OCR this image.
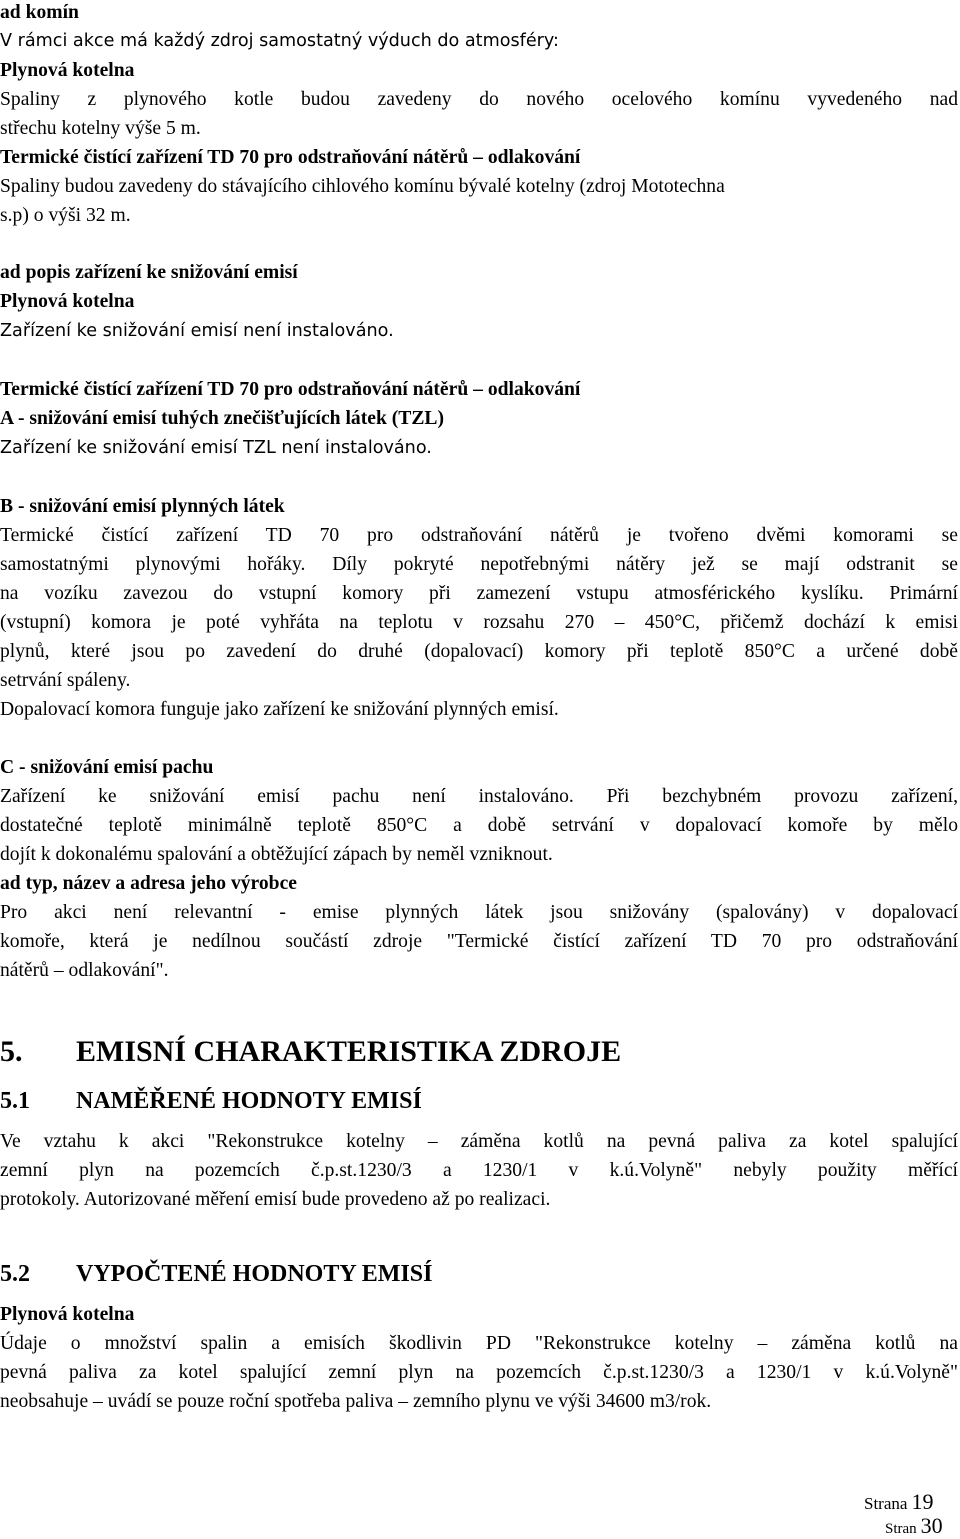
ad komín

V rámci akce má každý zdroj samostatný výduch do atmosféry:

Plynová kotelna

Spaliny z plynového kotle budou zavedeny do nového ocelového komínu vyvedeného nad

střechu kotelny výše 5 m.

Termické čistící zařízení TD 70 pro odstraňování nátěrů – odlakování

Spaliny budou zavedeny do stávajícího cihlového komínu bývalé kotelny (zdroj Mototechna

s.p) o výši 32 m.

ad popis zařízení ke snižování emisí

Plynová kotelna

Zařízení ke snižování emisí není instalováno.

Termické čistící zařízení TD 70 pro odstraňování nátěrů – odlakování

A - snižování emisí tuhých znečišťujících látek (TZL)

Zařízení ke snižování emisí TZL není instalováno.

B - snižování emisí plynných látek

Termické čistící zařízení TD 70 pro odstraňování nátěrů je tvořeno dvěmi komorami se

samostatnými plynovými hořáky. Díly pokryté nepotřebnými nátěry jež se mají odstranit se

na vozíku zavezou do vstupní komory při zamezení vstupu atmosférického kyslíku. Primární

(vstupní) komora je poté vyhřáta na teplotu v rozsahu 270 – 450°C, přičemž dochází k emisi

plynů, které jsou po zavedení do druhé (dopalovací) komory při teplotě 850°C a určené době

setrvání spáleny.

Dopalovací komora funguje jako zařízení ke snižování plynných emisí.

C - snižování emisí pachu

Zařízení ke snižování emisí pachu není instalováno. Při bezchybném provozu zařízení,

dostatečné teplotě minimálně teplotě 850°C a době setrvání v dopalovací komoře by mělo

dojít k dokonalému spalování a obtěžující zápach by neměl vzniknout.

ad typ, název a adresa jeho výrobce

Pro akci není relevantní - emise plynných látek jsou snižovány (spalovány) v dopalovací

komoře, která je nedílnou součástí zdroje "Termické čistící zařízení TD 70 pro odstraňování

nátěrů – odlakování".

5. EMISNÍ CHARAKTERISTIKA ZDROJE

5.1 NAMĚŘENÉ HODNOTY EMISÍ

Ve vztahu k akci "Rekonstrukce kotelny – záměna kotlů na pevná paliva za kotel spalující

zemní plyn na pozemcích č.p.st.1230/3 a 1230/1 v k.ú.Volyně" nebyly použity měřící

protokoly. Autorizované měření emisí bude provedeno až po realizaci.

5.2 VYPOČTENÉ HODNOTY EMISÍ

Plynová kotelna

Údaje o množství spalin a emisích škodlivin PD "Rekonstrukce kotelny – záměna kotlů na

pevná paliva za kotel spalující zemní plyn na pozemcích č.p.st.1230/3 a 1230/1 v k.ú.Volyně"

neobsahuje – uvádí se pouze roční spotřeba paliva – zemního plynu ve výši 34600 m3/rok.

Strana 19
Stran 30
